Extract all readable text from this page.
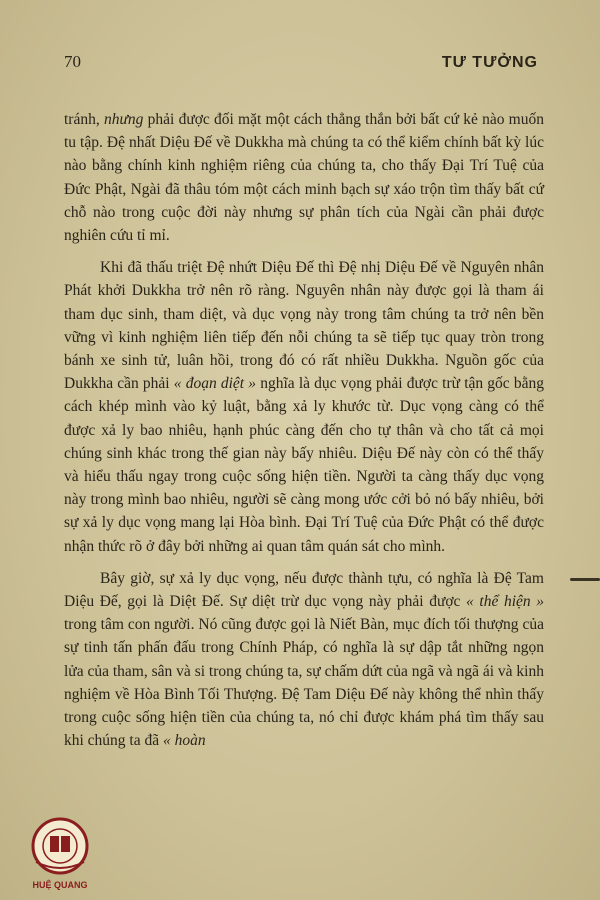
70	TƯ TƯỞNG

tránh, nhưng phải được đối mặt một cách thẳng thắn bởi bất cứ kẻ nào muốn tu tập. Đệ nhất Diệu Đế về Dukkha mà chúng ta có thể kiểm chính bất kỳ lúc nào bằng chính kinh nghiệm riêng của chúng ta, cho thấy Đại Trí Tuệ của Đức Phật, Ngài đã thâu tóm một cách minh bạch sự xáo trộn tìm thấy bất cứ chỗ nào trong cuộc đời này nhưng sự phân tích của Ngài cần phải được nghiên cứu tỉ mỉ.

Khi đã thấu triệt Đệ nhứt Diệu Đế thì Đệ nhị Diệu Đế về Nguyên nhân Phát khởi Dukkha trở nên rõ ràng. Nguyên nhân này được gọi là tham ái tham dục sinh, tham diệt, và dục vọng này trong tâm chúng ta trở nên bền vững vì kinh nghiệm liên tiếp đến nỗi chúng ta sẽ tiếp tục quay tròn trong bánh xe sinh tử, luân hồi, trong đó có rất nhiều Dukkha. Nguồn gốc của Dukkha cần phải « đoạn diệt » nghĩa là dục vọng phải được trừ tận gốc bằng cách khép mình vào kỷ luật, bằng xả ly khước từ. Dục vọng càng có thể được xả ly bao nhiêu, hạnh phúc càng đến cho tự thân và cho tất cả mọi chúng sinh khác trong thế gian này bấy nhiêu. Diệu Đế này còn có thể thấy và hiểu thấu ngay trong cuộc sống hiện tiền. Người ta càng thấy dục vọng này trong mình bao nhiêu, người sẽ càng mong ước cởi bỏ nó bấy nhiêu, bởi sự xả ly dục vọng mang lại Hòa bình. Đại Trí Tuệ của Đức Phật có thể được nhận thức rõ ở đây bởi những ai quan tâm quán sát cho mình.

Bây giờ, sự xả ly dục vọng, nếu được thành tựu, có nghĩa là Đệ Tam Diệu Đế, gọi là Diệt Đế. Sự diệt trừ dục vọng này phải được « thể hiện » trong tâm con người. Nó cũng được gọi là Niết Bàn, mục đích tối thượng của sự tinh tấn phấn đấu trong Chính Pháp, có nghĩa là sự dập tắt những ngọn lửa của tham, sân và si trong chúng ta, sự chấm dứt của ngã và ngã ái và kinh nghiệm về Hòa Bình Tối Thượng. Đệ Tam Diệu Đế này không thể nhìn thấy trong cuộc sống hiện tiền của chúng ta, nó chỉ được khám phá tìm thấy sau khi chúng ta đã « hoàn

HUỆ QUANG
